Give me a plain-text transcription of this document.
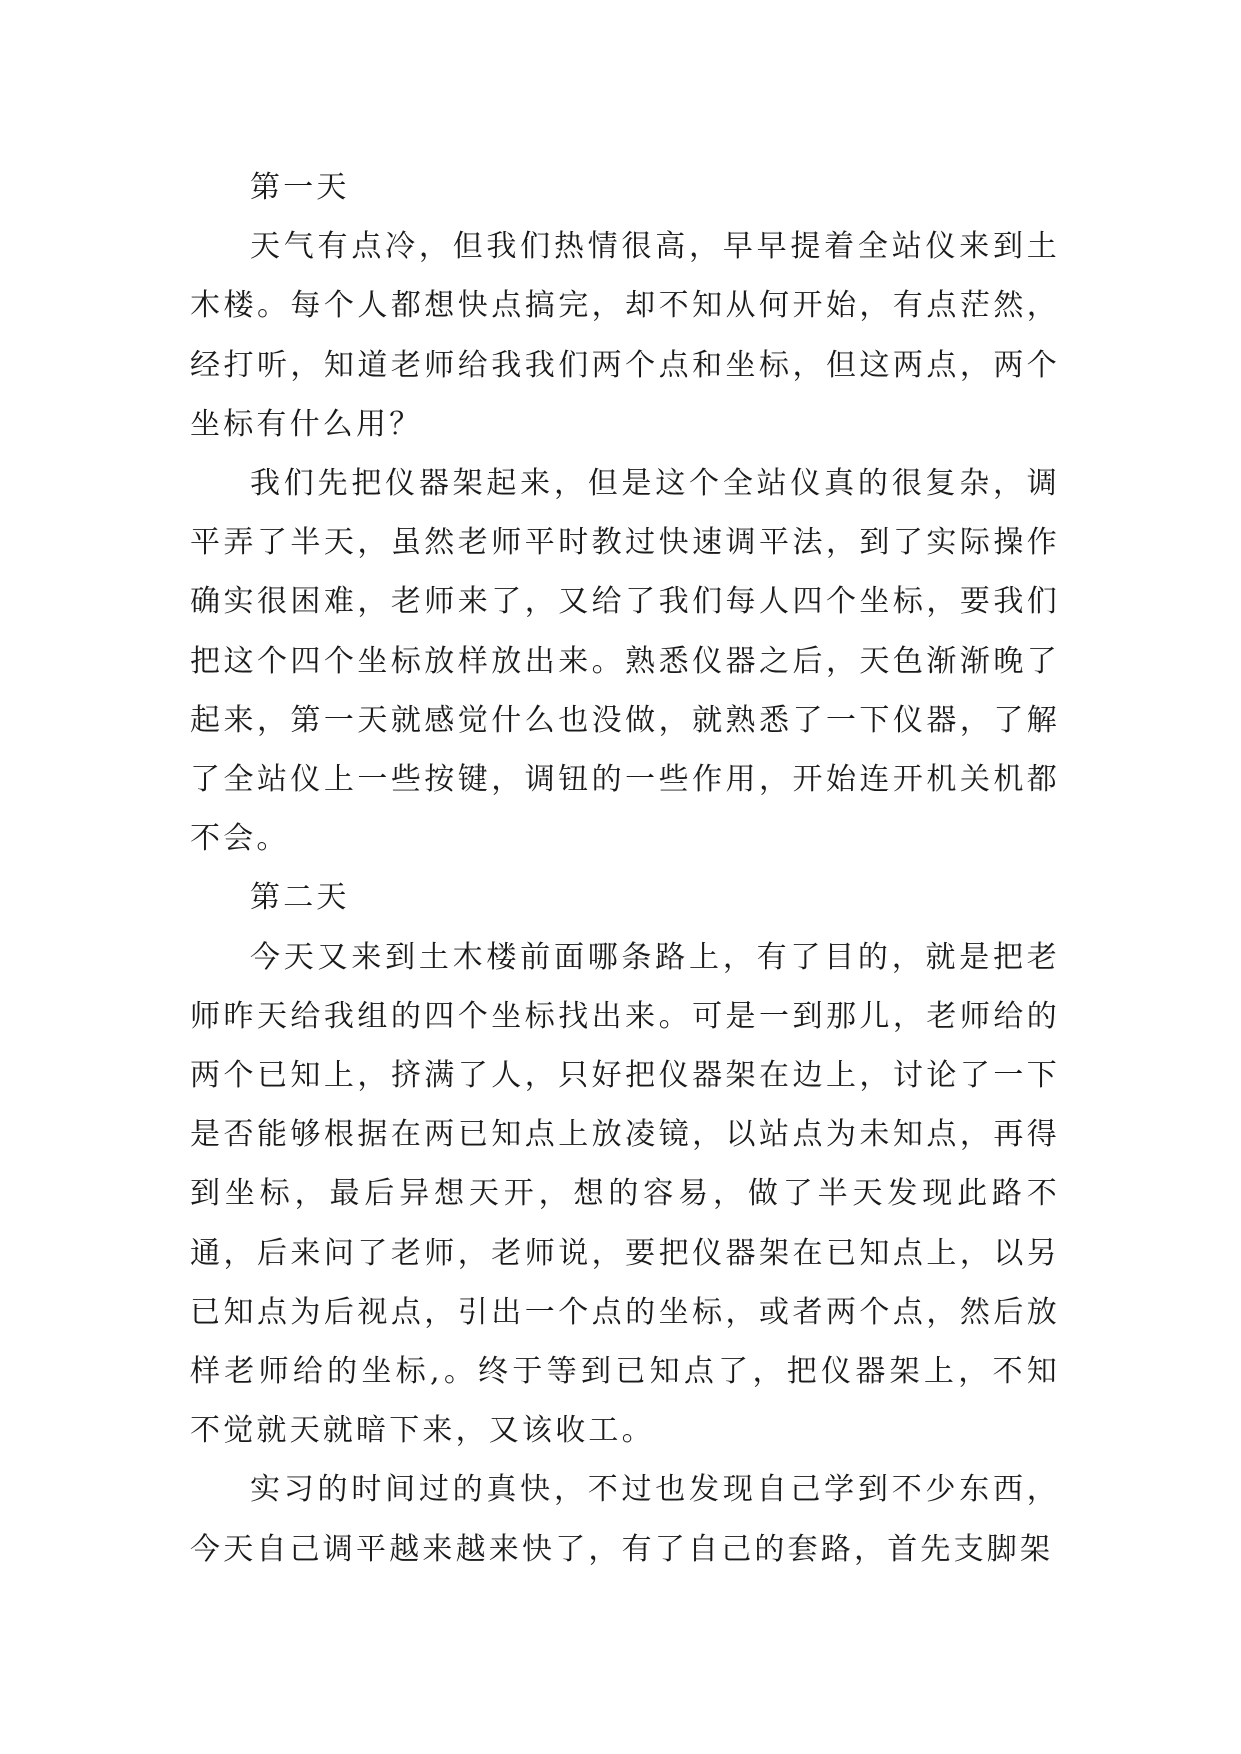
第一天

天气有点冷，但我们热情很高，早早提着全站仪来到土木楼。每个人都想快点搞完，却不知从何开始，有点茫然，经打听，知道老师给我我们两个点和坐标，但这两点，两个坐标有什么用？

我们先把仪器架起来，但是这个全站仪真的很复杂，调平弄了半天，虽然老师平时教过快速调平法，到了实际操作确实很困难，老师来了，又给了我们每人四个坐标，要我们把这个四个坐标放样放出来。熟悉仪器之后，天色渐渐晚了起来，第一天就感觉什么也没做，就熟悉了一下仪器，了解了全站仪上一些按键，调钮的一些作用，开始连开机关机都不会。

第二天

今天又来到土木楼前面哪条路上，有了目的，就是把老师昨天给我组的四个坐标找出来。可是一到那儿，老师给的两个已知上，挤满了人，只好把仪器架在边上，讨论了一下是否能够根据在两已知点上放凌镜，以站点为未知点，再得到坐标，最后异想天开，想的容易，做了半天发现此路不通，后来问了老师，老师说，要把仪器架在已知点上，以另已知点为后视点，引出一个点的坐标，或者两个点，然后放样老师给的坐标,。终于等到已知点了，把仪器架上，不知不觉就天就暗下来，又该收工。

实习的时间过的真快，不过也发现自己学到不少东西，今天自己调平越来越来快了，有了自己的套路，首先支脚架
